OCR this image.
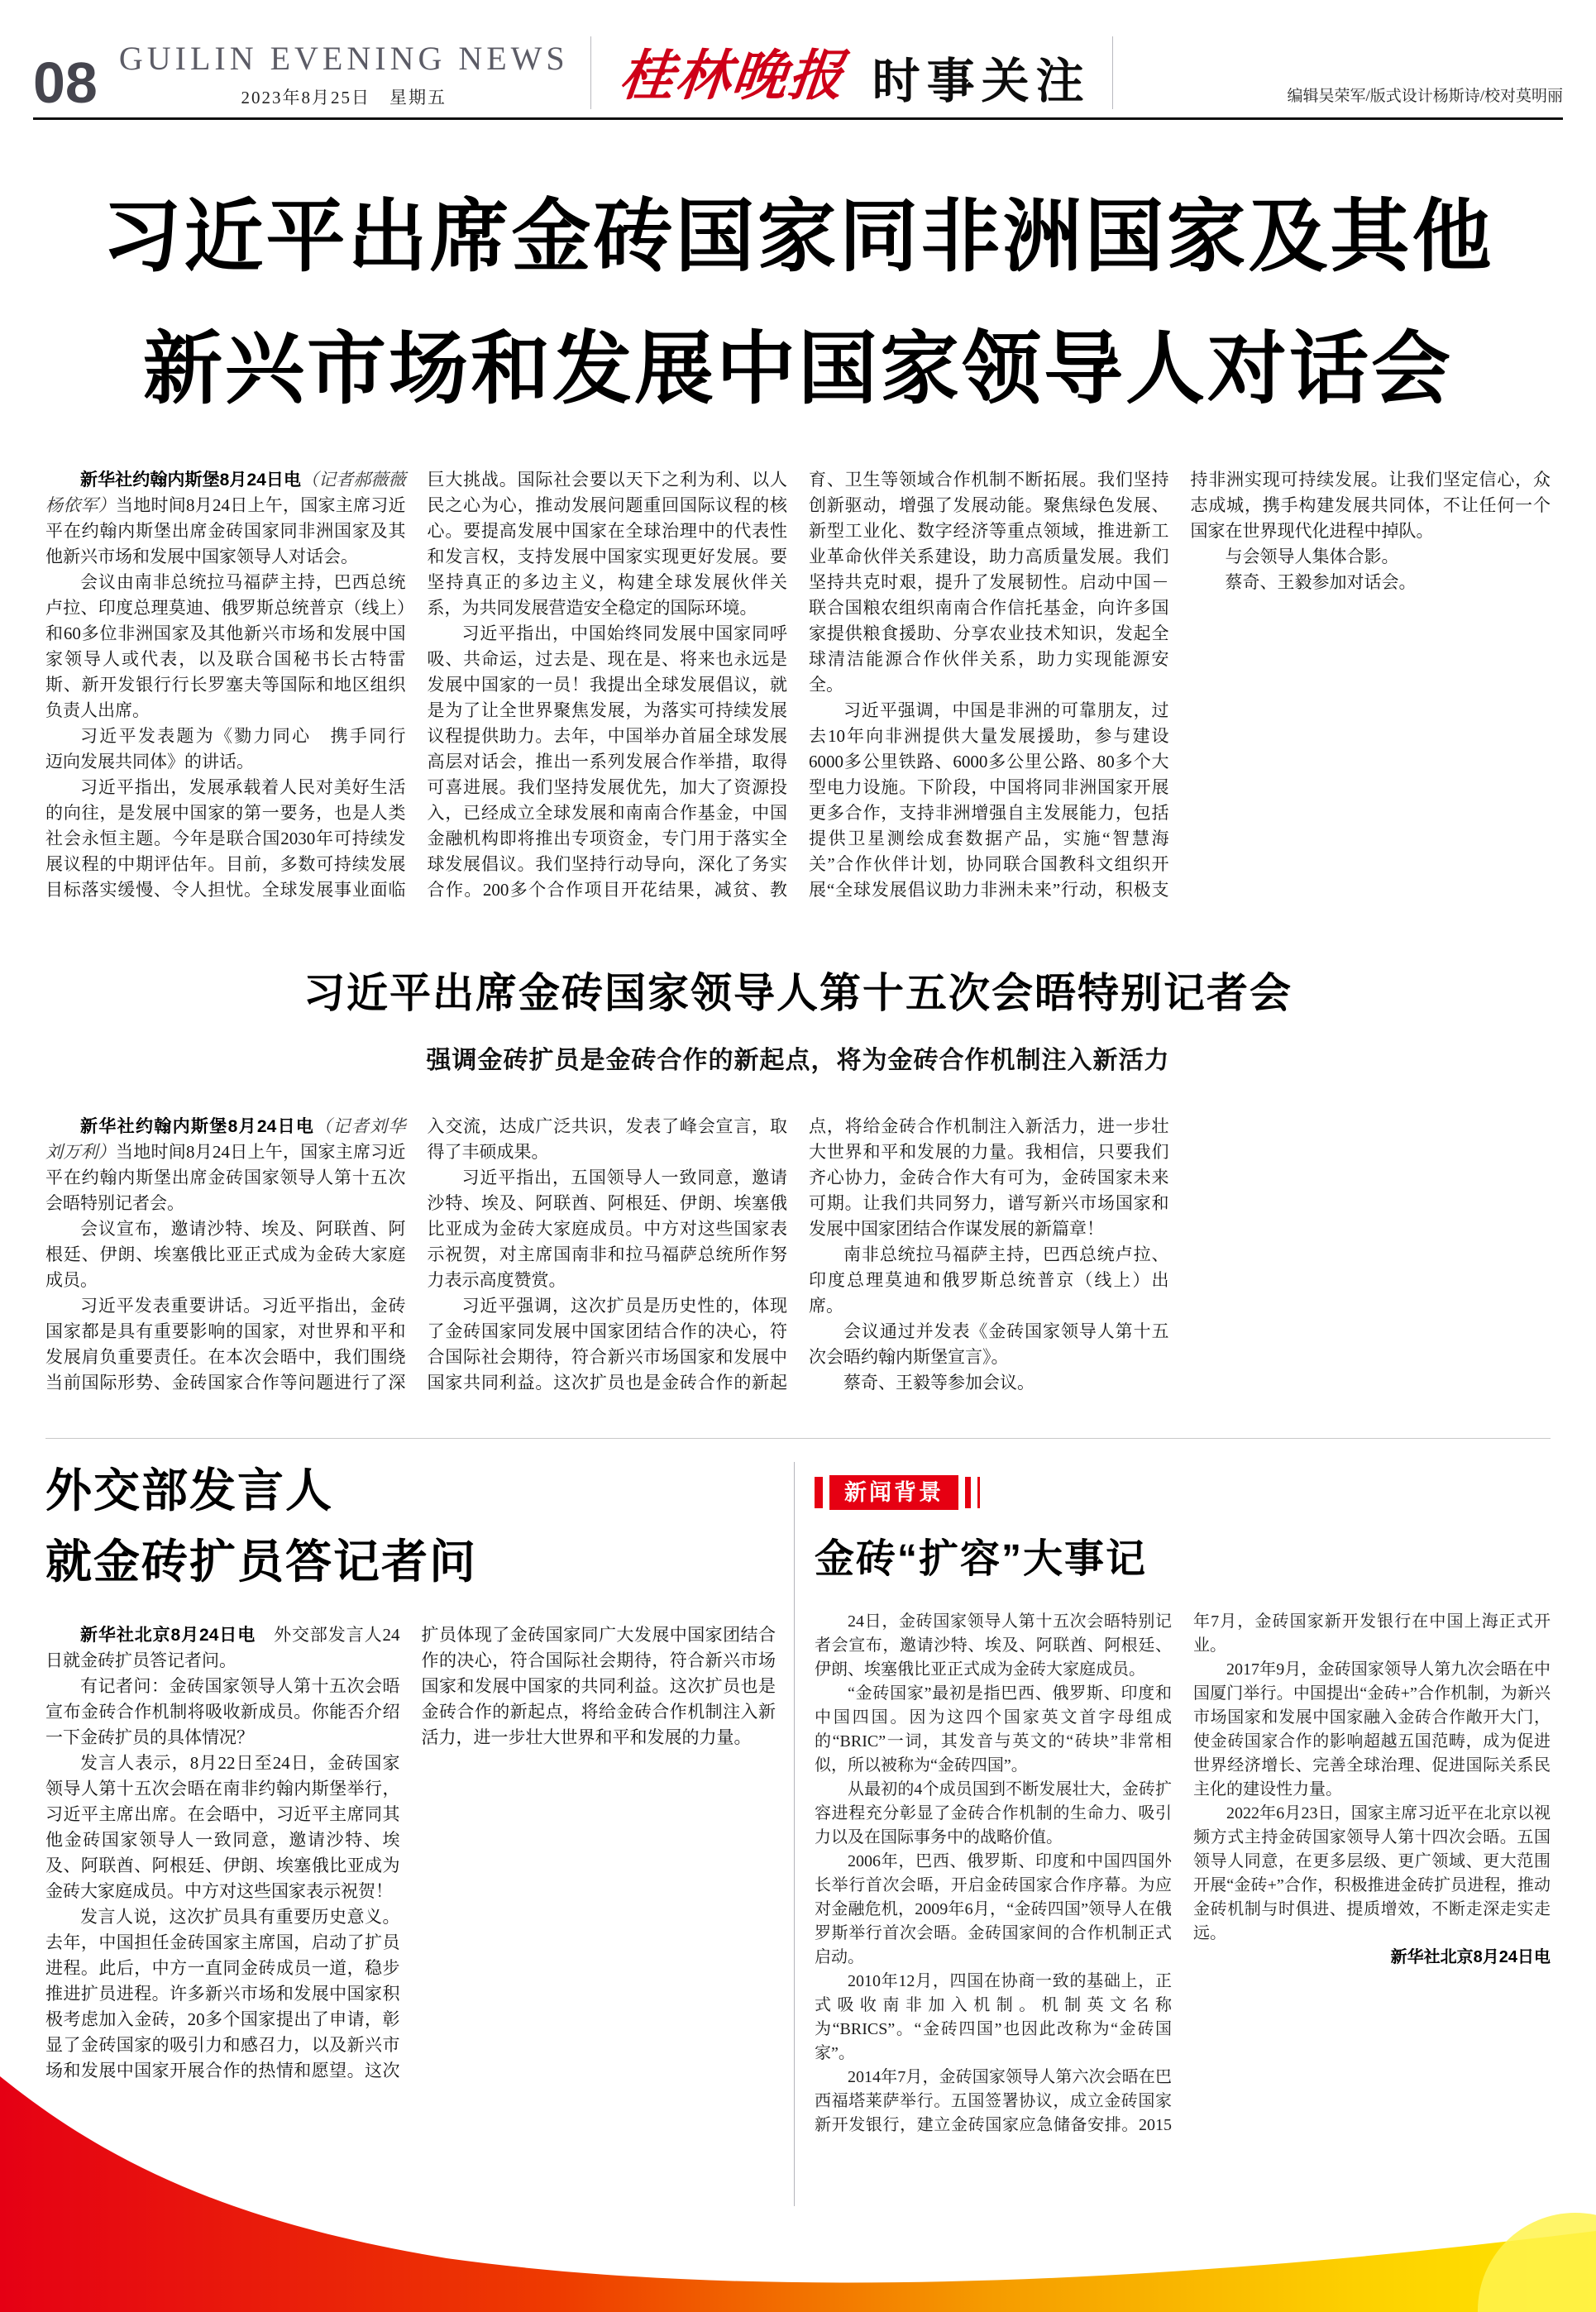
08 GUILIN EVENING NEWS
2023年8月25日　星期五	桂林晚报 时事关注	编辑吴荣军/版式设计杨斯诗/校对莫明丽
习近平出席金砖国家同非洲国家及其他
新兴市场和发展中国家领导人对话会

新华社约翰内斯堡8月24日电（记者郝薇薇　杨依军）当地时间8月24日上午，国家主席习近平在约翰内斯堡出席金砖国家同非洲国家及其他新兴市场和发展中国家领导人对话会。

会议由南非总统拉马福萨主持，巴西总统卢拉、印度总理莫迪、俄罗斯总统普京（线上）和60多位非洲国家及其他新兴市场和发展中国家领导人或代表，以及联合国秘书长古特雷斯、新开发银行行长罗塞夫等国际和地区组织负责人出席。

习近平发表题为《勠力同心　携手同行　迈向发展共同体》的讲话。

习近平指出，发展承载着人民对美好生活的向往，是发展中国家的第一要务，也是人类社会永恒主题。今年是联合国2030年可持续发展议程的中期评估年。目前，多数可持续发展目标落实缓慢、令人担忧。全球发展事业面临巨大挑战。国际社会要以天下之利为利、以人民之心为心，推动发展问题重回国际议程的核心。要提高发展中国家在全球治理中的代表性和发言权，支持发展中国家实现更好发展。要坚持真正的多边主义，构建全球发展伙伴关系，为共同发展营造安全稳定的国际环境。

习近平指出，中国始终同发展中国家同呼吸、共命运，过去是、现在是、将来也永远是发展中国家的一员！我提出全球发展倡议，就是为了让全世界聚焦发展，为落实可持续发展议程提供助力。去年，中国举办首届全球发展高层对话会，推出一系列发展合作举措，取得可喜进展。我们坚持发展优先，加大了资源投入，已经成立全球发展和南南合作基金，中国金融机构即将推出专项资金，专门用于落实全球发展倡议。我们坚持行动导向，深化了务实合作。200多个合作项目开花结果，减贫、教育、卫生等领域合作机制不断拓展。我们坚持创新驱动，增强了发展动能。聚焦绿色发展、新型工业化、数字经济等重点领域，推进新工业革命伙伴关系建设，助力高质量发展。我们坚持共克时艰，提升了发展韧性。启动中国－联合国粮农组织南南合作信托基金，向许多国家提供粮食援助、分享农业技术知识，发起全球清洁能源合作伙伴关系，助力实现能源安全。

习近平强调，中国是非洲的可靠朋友，过去10年向非洲提供大量发展援助，参与建设6000多公里铁路、6000多公里公路、80多个大型电力设施。下阶段，中国将同非洲国家开展更多合作，支持非洲增强自主发展能力，包括提供卫星测绘成套数据产品，实施“智慧海关”合作伙伴计划，协同联合国教科文组织开展“全球发展倡议助力非洲未来”行动，积极支持非洲实现可持续发展。让我们坚定信心，众志成城，携手构建发展共同体，不让任何一个国家在世界现代化进程中掉队。

与会领导人集体合影。

蔡奇、王毅参加对话会。

习近平出席金砖国家领导人第十五次会晤特别记者会
强调金砖扩员是金砖合作的新起点，将为金砖合作机制注入新活力

新华社约翰内斯堡8月24日电（记者刘华　刘万利）当地时间8月24日上午，国家主席习近平在约翰内斯堡出席金砖国家领导人第十五次会晤特别记者会。

会议宣布，邀请沙特、埃及、阿联酋、阿根廷、伊朗、埃塞俄比亚正式成为金砖大家庭成员。

习近平发表重要讲话。习近平指出，金砖国家都是具有重要影响的国家，对世界和平和发展肩负重要责任。在本次会晤中，我们围绕当前国际形势、金砖国家合作等问题进行了深入交流，达成广泛共识，发表了峰会宣言，取得了丰硕成果。

习近平指出，五国领导人一致同意，邀请沙特、埃及、阿联酋、阿根廷、伊朗、埃塞俄比亚成为金砖大家庭成员。中方对这些国家表示祝贺，对主席国南非和拉马福萨总统所作努力表示高度赞赏。

习近平强调，这次扩员是历史性的，体现了金砖国家同发展中国家团结合作的决心，符合国际社会期待，符合新兴市场国家和发展中国家共同利益。这次扩员也是金砖合作的新起点，将给金砖合作机制注入新活力，进一步壮大世界和平和发展的力量。我相信，只要我们齐心协力，金砖合作大有可为，金砖国家未来可期。让我们共同努力，谱写新兴市场国家和发展中国家团结合作谋发展的新篇章！

南非总统拉马福萨主持，巴西总统卢拉、印度总理莫迪和俄罗斯总统普京（线上）出席。

会议通过并发表《金砖国家领导人第十五次会晤约翰内斯堡宣言》。

蔡奇、王毅等参加会议。

外交部发言人
就金砖扩员答记者问

新华社北京8月24日电　 外交部发言人24日就金砖扩员答记者问。

有记者问：金砖国家领导人第十五次会晤宣布金砖合作机制将吸收新成员。你能否介绍一下金砖扩员的具体情况？

发言人表示，8月22日至24日，金砖国家领导人第十五次会晤在南非约翰内斯堡举行，习近平主席出席。在会晤中，习近平主席同其他金砖国家领导人一致同意，邀请沙特、埃及、阿联酋、阿根廷、伊朗、埃塞俄比亚成为金砖大家庭成员。中方对这些国家表示祝贺！

发言人说，这次扩员具有重要历史意义。去年，中国担任金砖国家主席国，启动了扩员进程。此后，中方一直同金砖成员一道，稳步推进扩员进程。许多新兴市场和发展中国家积极考虑加入金砖，20多个国家提出了申请，彰显了金砖国家的吸引力和感召力，以及新兴市场和发展中国家开展合作的热情和愿望。这次扩员体现了金砖国家同广大发展中国家团结合作的决心，符合国际社会期待，符合新兴市场国家和发展中国家的共同利益。这次扩员也是金砖合作的新起点，将给金砖合作机制注入新活力，进一步壮大世界和平和发展的力量。

新闻背景
金砖“扩容”大事记

24日，金砖国家领导人第十五次会晤特别记者会宣布，邀请沙特、埃及、阿联酋、阿根廷、伊朗、埃塞俄比亚正式成为金砖大家庭成员。

“金砖国家”最初是指巴西、俄罗斯、印度和中国四国。因为这四个国家英文首字母组成的“BRIC”一词，其发音与英文的“砖块”非常相似，所以被称为“金砖四国”。

从最初的4个成员国到不断发展壮大，金砖扩容进程充分彰显了金砖合作机制的生命力、吸引力以及在国际事务中的战略价值。

2006年，巴西、俄罗斯、印度和中国四国外长举行首次会晤，开启金砖国家合作序幕。为应对金融危机，2009年6月，“金砖四国”领导人在俄罗斯举行首次会晤。金砖国家间的合作机制正式启动。

2010年12月，四国在协商一致的基础上，正式吸收南非加入机制。机制英文名称为“BRICS”。“金砖四国”也因此改称为“金砖国家”。

2014年7月，金砖国家领导人第六次会晤在巴西福塔莱萨举行。五国签署协议，成立金砖国家新开发银行，建立金砖国家应急储备安排。2015年7月，金砖国家新开发银行在中国上海正式开业。

2017年9月，金砖国家领导人第九次会晤在中国厦门举行。中国提出“金砖+”合作机制，为新兴市场国家和发展中国家融入金砖合作敞开大门，使金砖国家合作的影响超越五国范畴，成为促进世界经济增长、完善全球治理、促进国际关系民主化的建设性力量。

2022年6月23日，国家主席习近平在北京以视频方式主持金砖国家领导人第十四次会晤。五国领导人同意，在更多层级、更广领域、更大范围开展“金砖+”合作，积极推进金砖扩员进程，推动金砖机制与时俱进、提质增效，不断走深走实走远。

新华社北京8月24日电
